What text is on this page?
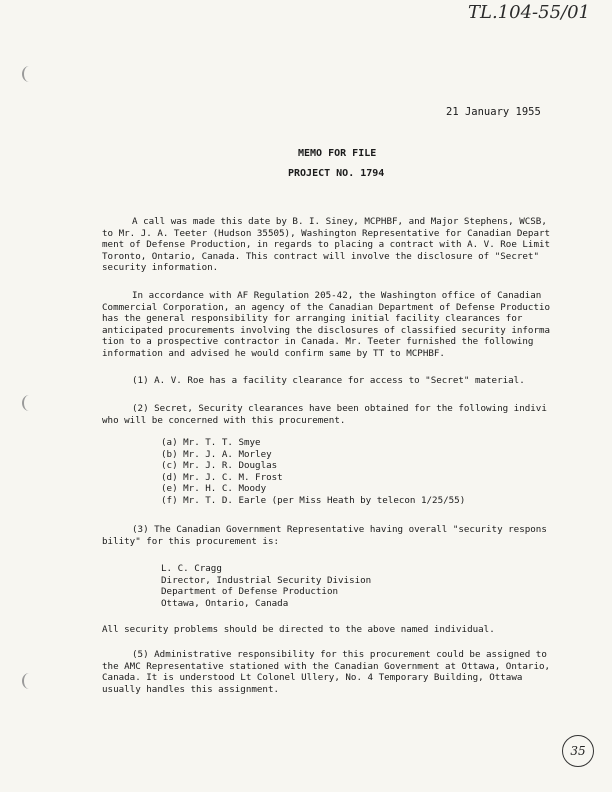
TL.104-55/01
21 January 1955
MEMO FOR FILE
PROJECT NO. 1794

A call was made this date by B. I. Siney, MCPHBF, and Major Stephens, WCSB,

to Mr. J. A. Teeter (Hudson 35505), Washington Representative for Canadian Depart

ment of Defense Production, in regards to placing a contract with A. V. Roe Limit

Toronto, Ontario, Canada. This contract will involve the disclosure of "Secret"

security information.

In accordance with AF Regulation 205-42, the Washington office of Canadian

Commercial Corporation, an agency of the Canadian Department of Defense Productio

has the general responsibility for arranging initial facility clearances for

anticipated procurements involving the disclosures of classified security informa

tion to a prospective contractor in Canada. Mr. Teeter furnished the following

information and advised he would confirm same by TT to MCPHBF.

(1) A. V. Roe has a facility clearance for access to "Secret" material.

(2) Secret, Security clearances have been obtained for the following indivi

who will be concerned with this procurement.

(a) Mr. T. T. Smye
(b) Mr. J. A. Morley
(c) Mr. J. R. Douglas
(d) Mr. J. C. M. Frost
(e) Mr. H. C. Moody
(f) Mr. T. D. Earle (per Miss Heath by telecon 1/25/55)

(3) The Canadian Government Representative having overall "security respons

bility" for this procurement is:

L. C. Cragg
Director, Industrial Security Division
Department of Defense Production
Ottawa, Ontario, Canada

All security problems should be directed to the above named individual.

(5) Administrative responsibility for this procurement could be assigned to

the AMC Representative stationed with the Canadian Government at Ottawa, Ontario,

Canada. It is understood Lt Colonel Ullery, No. 4 Temporary Building, Ottawa

usually handles this assignment.

35
